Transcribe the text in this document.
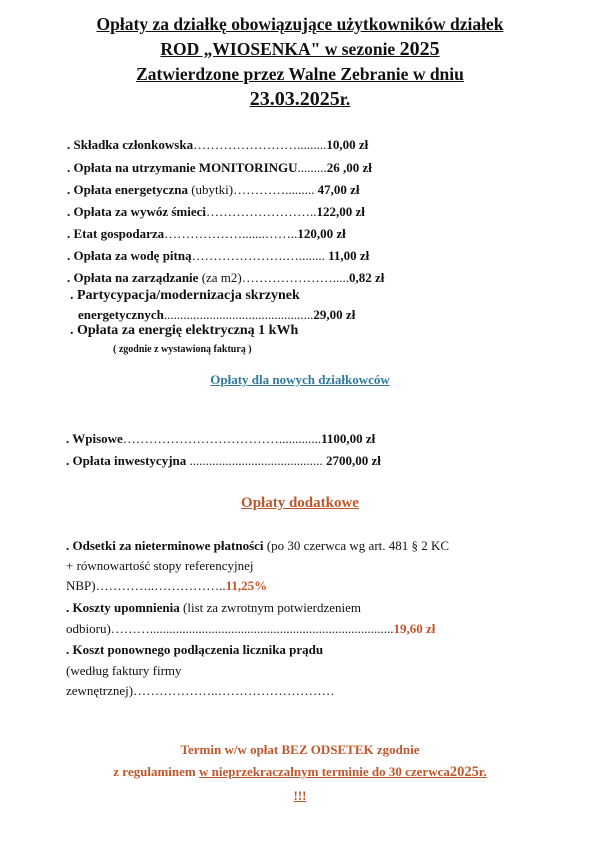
Opłaty za działkę obowiązujące użytkowników działek
ROD „WIOSENKA" w sezonie 2025
Zatwierdzone przez Walne Zebranie w dniu
23.03.2025r.
. Składka członkowska…………………….........10,00 zł
. Opłata na utrzymanie MONITORINGU.........26 ,00 zł
. Opłata energetyczna (ubytki)…………......... 47,00 zł
. Opłata za wywóz śmieci……………………..122,00 zł
. Etat gospodarza……………….......……..120,00 zł
. Opłata za wodę pitną………………….…........ 11,00 zł
. Opłata na zarządzanie (za m2)………………….....0,82 zł
. Partycypacja/modernizacja skrzynek
energetycznych..............................................29,00 zł
. Opłata za energię elektryczną 1 kWh
( zgodnie z wystawioną fakturą )
Opłaty dla nowych działkowców
. Wpisowe……………………………….............1100,00 zł
. Opłata inwestycyjna ......................................... 2700,00 zł
Opłaty dodatkowe
. Odsetki za nieterminowe płatności (po 30 czerwca wg art. 481 § 2 KC
+ równowartość stopy referencyjnej
NBP)…………..……………..11,25%
. Koszty upomnienia (list za zwrotnym potwierdzeniem
odbioru)………...........................................................................19,60 zł
. Koszt ponownego podłączenia licznika prądu
(według faktury firmy
zewnętrznej)………………..………………………
Termin w/w opłat BEZ ODSETEK zgodnie
z regulaminem w nieprzekraczalnym terminie do 30 czerwca2025r.
!!!
